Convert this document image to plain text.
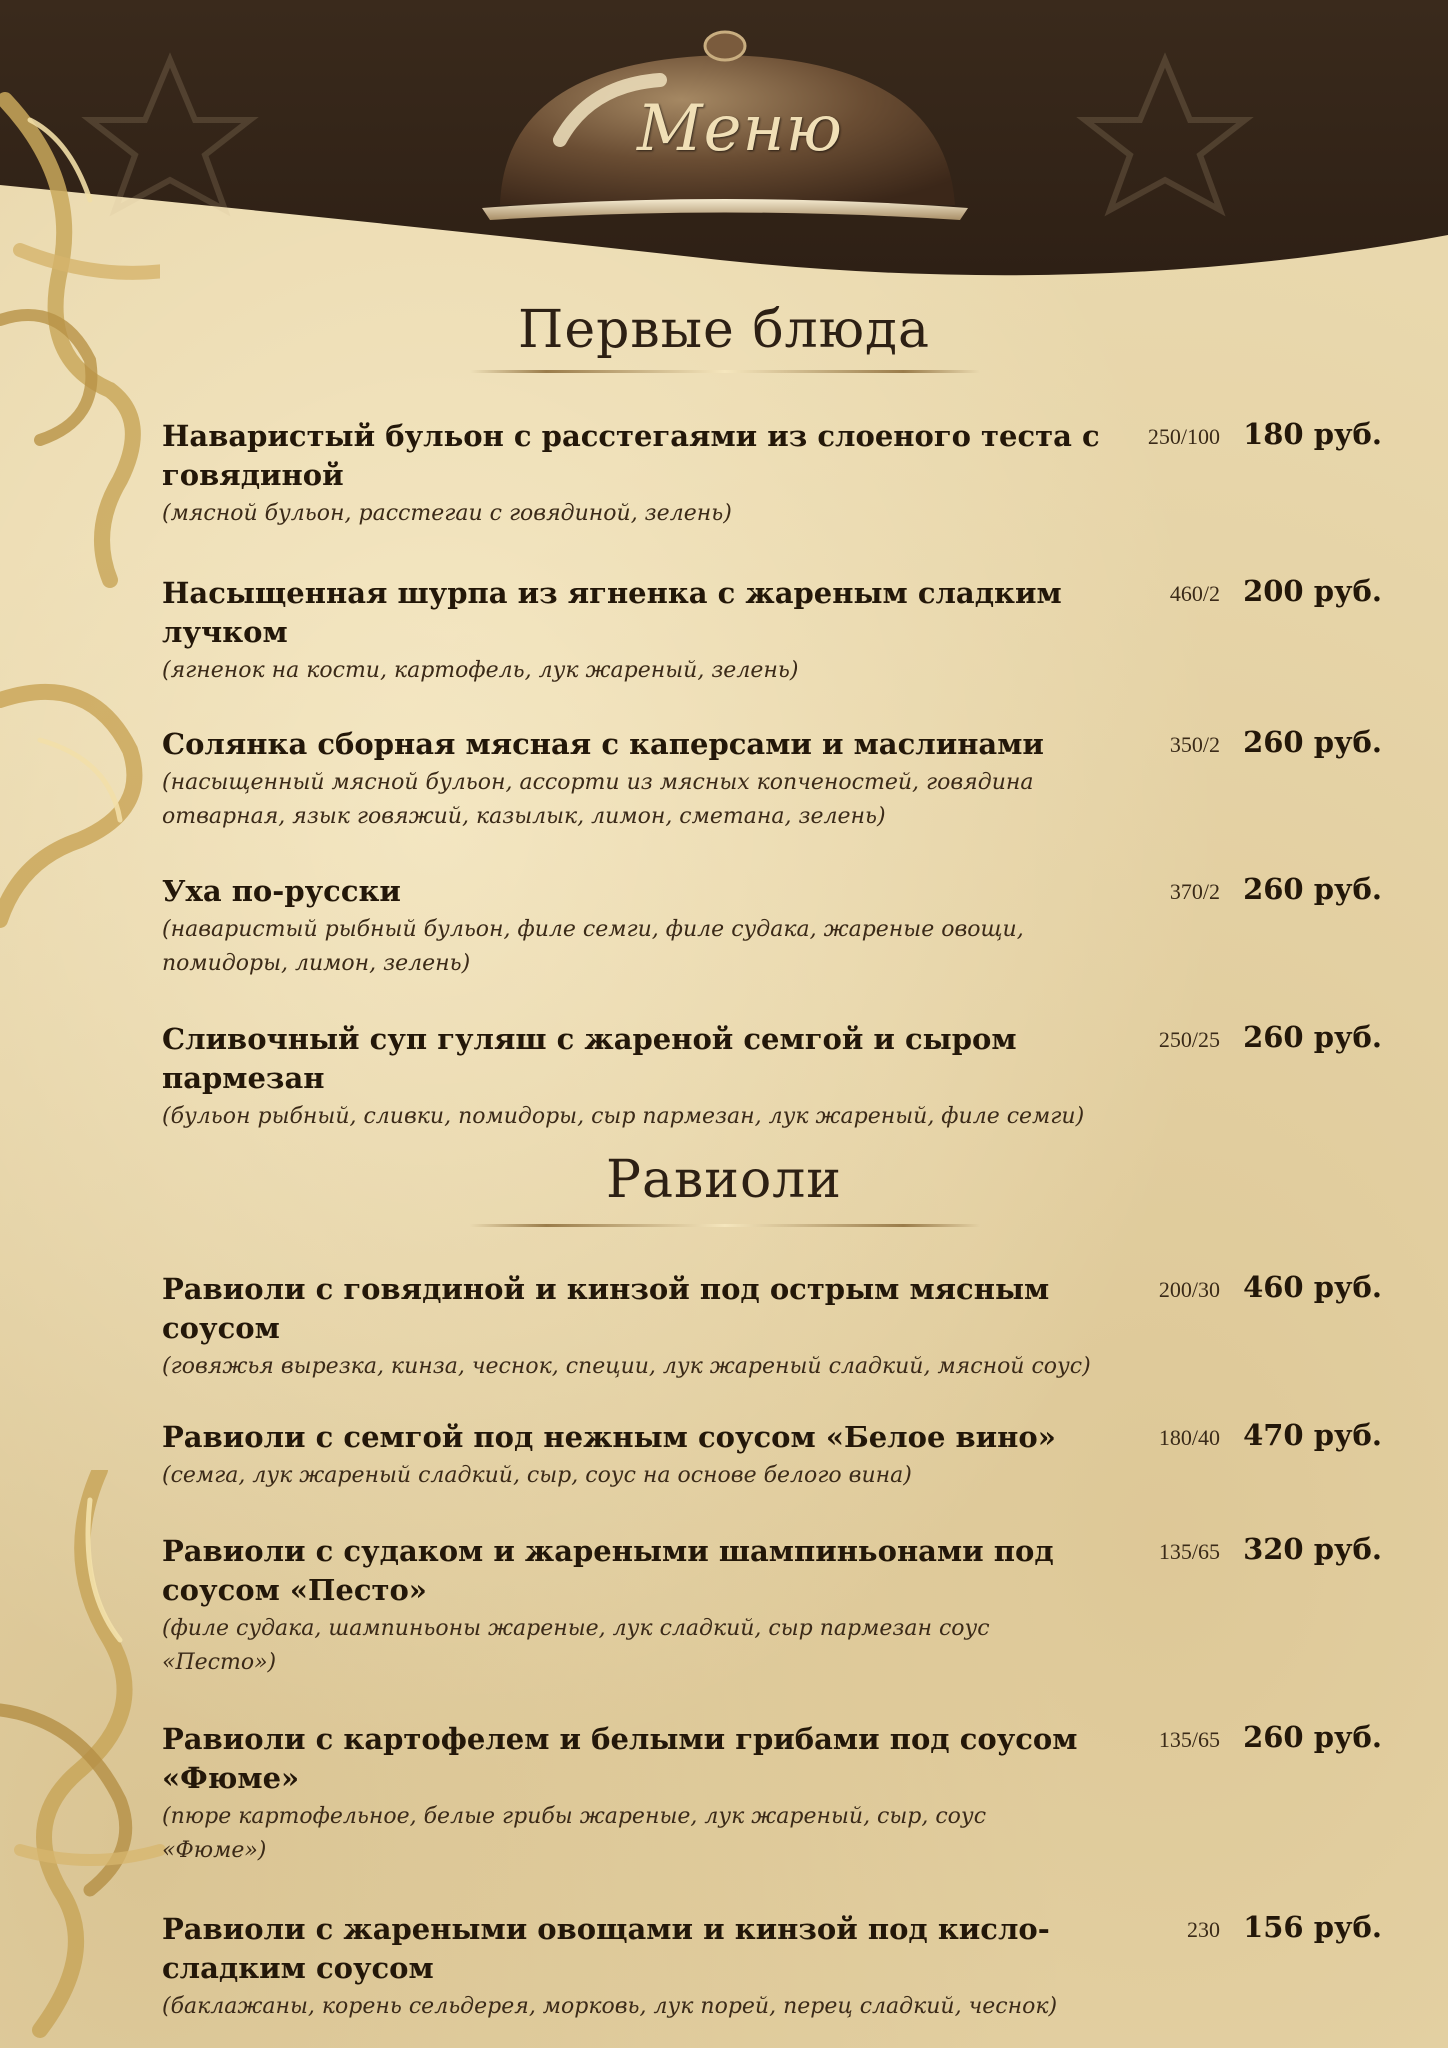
Меню
Первые блюда
Наваристый бульон с расстегаями из слоеного теста с говядиной
(мясной бульон, расстегаи с говядиной, зелень)
250/100 180 руб.
Насыщенная шурпа из ягненка с жареным сладким лучком
(ягненок на кости, картофель, лук жареный, зелень)
460/2 200 руб.
Солянка сборная мясная с каперсами и маслинами
(насыщенный мясной бульон, ассорти из мясных копченостей, говядина отварная, язык говяжий, казылык, лимон, сметана, зелень)
350/2 260 руб.
Уха по-русски
(наваристый рыбный бульон, филе семги, филе судака, жареные овощи, помидоры, лимон, зелень)
370/2 260 руб.
Сливочный суп гуляш с жареной семгой и сыром пармезан
(бульон рыбный, сливки, помидоры, сыр пармезан, лук жареный, филе семги)
250/25 260 руб.
Равиоли
Равиоли с говядиной и кинзой под острым мясным соусом
(говяжья вырезка, кинза, чеснок, специи, лук жареный сладкий, мясной соус)
200/30 460 руб.
Равиоли с семгой под нежным соусом «Белое вино»
(семга, лук жареный сладкий, сыр, соус на основе белого вина)
180/40 470 руб.
Равиоли с судаком и жареными шампиньонами под соусом «Песто»
(филе судака, шампиньоны жареные, лук сладкий, сыр пармезан соус «Песто»)
135/65 320 руб.
Равиоли с картофелем и белыми грибами под соусом «Фюме»
(пюре картофельное, белые грибы жареные, лук жареный, сыр, соус «Фюме»)
135/65 260 руб.
Равиоли с жареными овощами и кинзой под кисло-сладким соусом
(баклажаны, корень сельдерея, морковь, лук порей, перец сладкий, чеснок)
230 156 руб.
